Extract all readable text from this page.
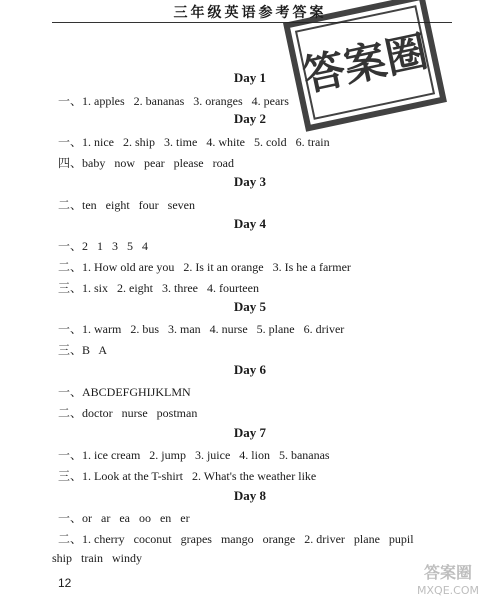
三年级英语参考答案
Day 1
一、1. apples   2. bananas   3. oranges   4. pears
Day 2
一、1. nice   2. ship   3. time   4. white   5. cold   6. train
四、baby   now   pear   please   road
Day 3
二、ten   eight   four   seven
Day 4
一、2   1   3   5   4
二、1. How old are you   2. Is it an orange   3. Is he a farmer
三、1. six   2. eight   3. three   4. fourteen
Day 5
一、1. warm   2. bus   3. man   4. nurse   5. plane   6. driver
三、B   A
Day 6
一、ABCDEFGHIJKLMN
二、doctor   nurse   postman
Day 7
一、1. ice cream   2. jump   3. juice   4. lion   5. bananas
三、1. Look at the T-shirt   2. What's the weather like
Day 8
一、or   ar   ea   oo   en   er
二、1. cherry   coconut   grapes   mango   orange   2. driver   plane   pupil
ship   train   windy
12
答案圈
答案圈
MXQE.COM
